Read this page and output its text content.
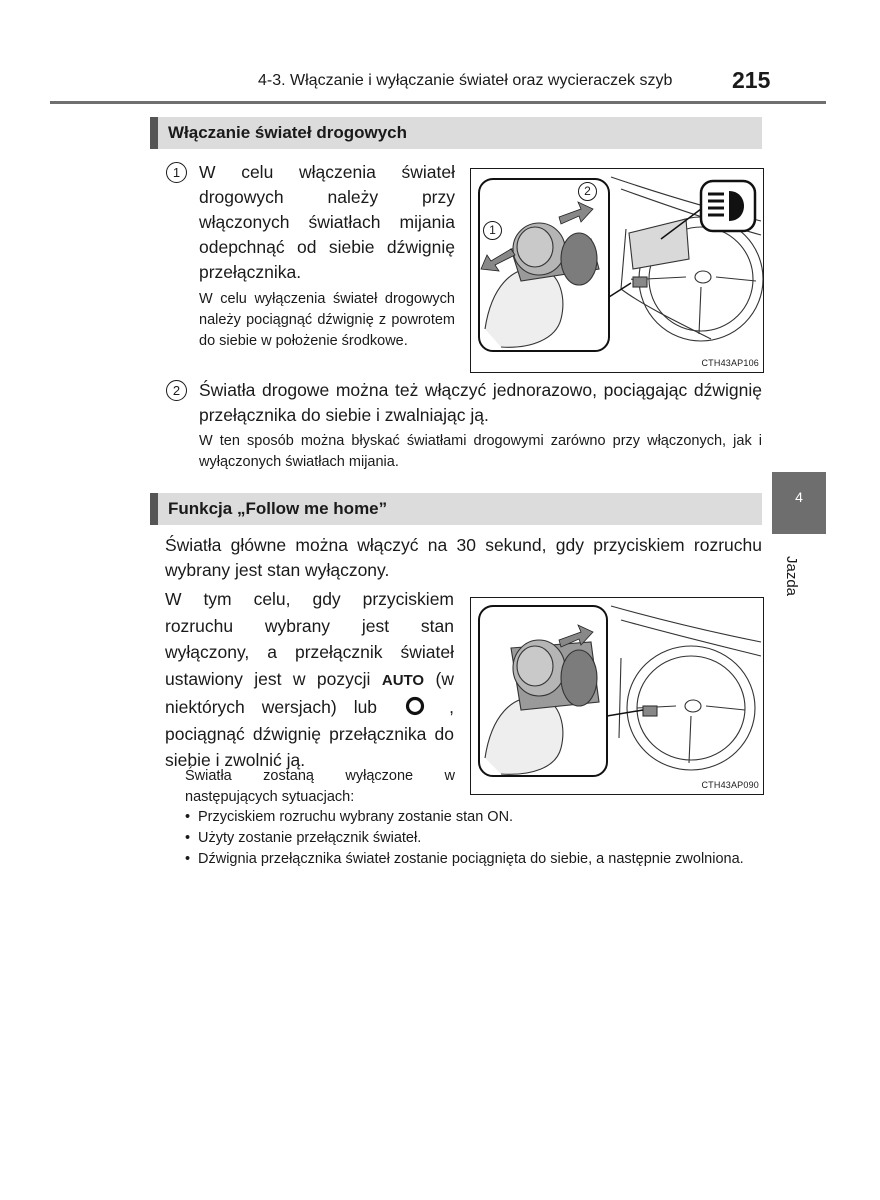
4-3. Włączanie i wyłączanie świateł oraz wycieraczek szyb	215
4
Jazda
Włączanie świateł drogowych
1	W celu włączenia świateł drogowych należy przy włączonych światłach mijania odepchnąć od siebie dźwignię przełącznika.
W celu wyłączenia świateł drogowych należy pociągnąć dźwignię z powrotem do siebie w położenie środkowe.
2
1
CTH43AP106
2	Światła drogowe można też włączyć jednorazowo, pociągając dźwignię przełącznika do siebie i zwalniając ją.
W ten sposób można błyskać światłami drogowymi zarówno przy włączonych, jak i wyłączonych światłach mijania.
Funkcja „Follow me home”
Światła główne można włączyć na 30 sekund, gdy przyciskiem rozruchu wybrany jest stan wyłączony.
W tym celu, gdy przyciskiem rozruchu wybrany jest stan wyłączony, a przełącznik świateł ustawiony jest w pozycji AUTO (w niektórych wersjach) lub	, pociągnąć dźwignię przełącznika do siebie i zwolnić ją.
Światła zostaną wyłączone w następujących sytuacjach:
• Przyciskiem rozruchu wybrany zostanie stan ON.
• Użyty zostanie przełącznik świateł.
• Dźwignia przełącznika świateł zostanie pociągnięta do siebie, a następnie zwolniona.
CTH43AP090
